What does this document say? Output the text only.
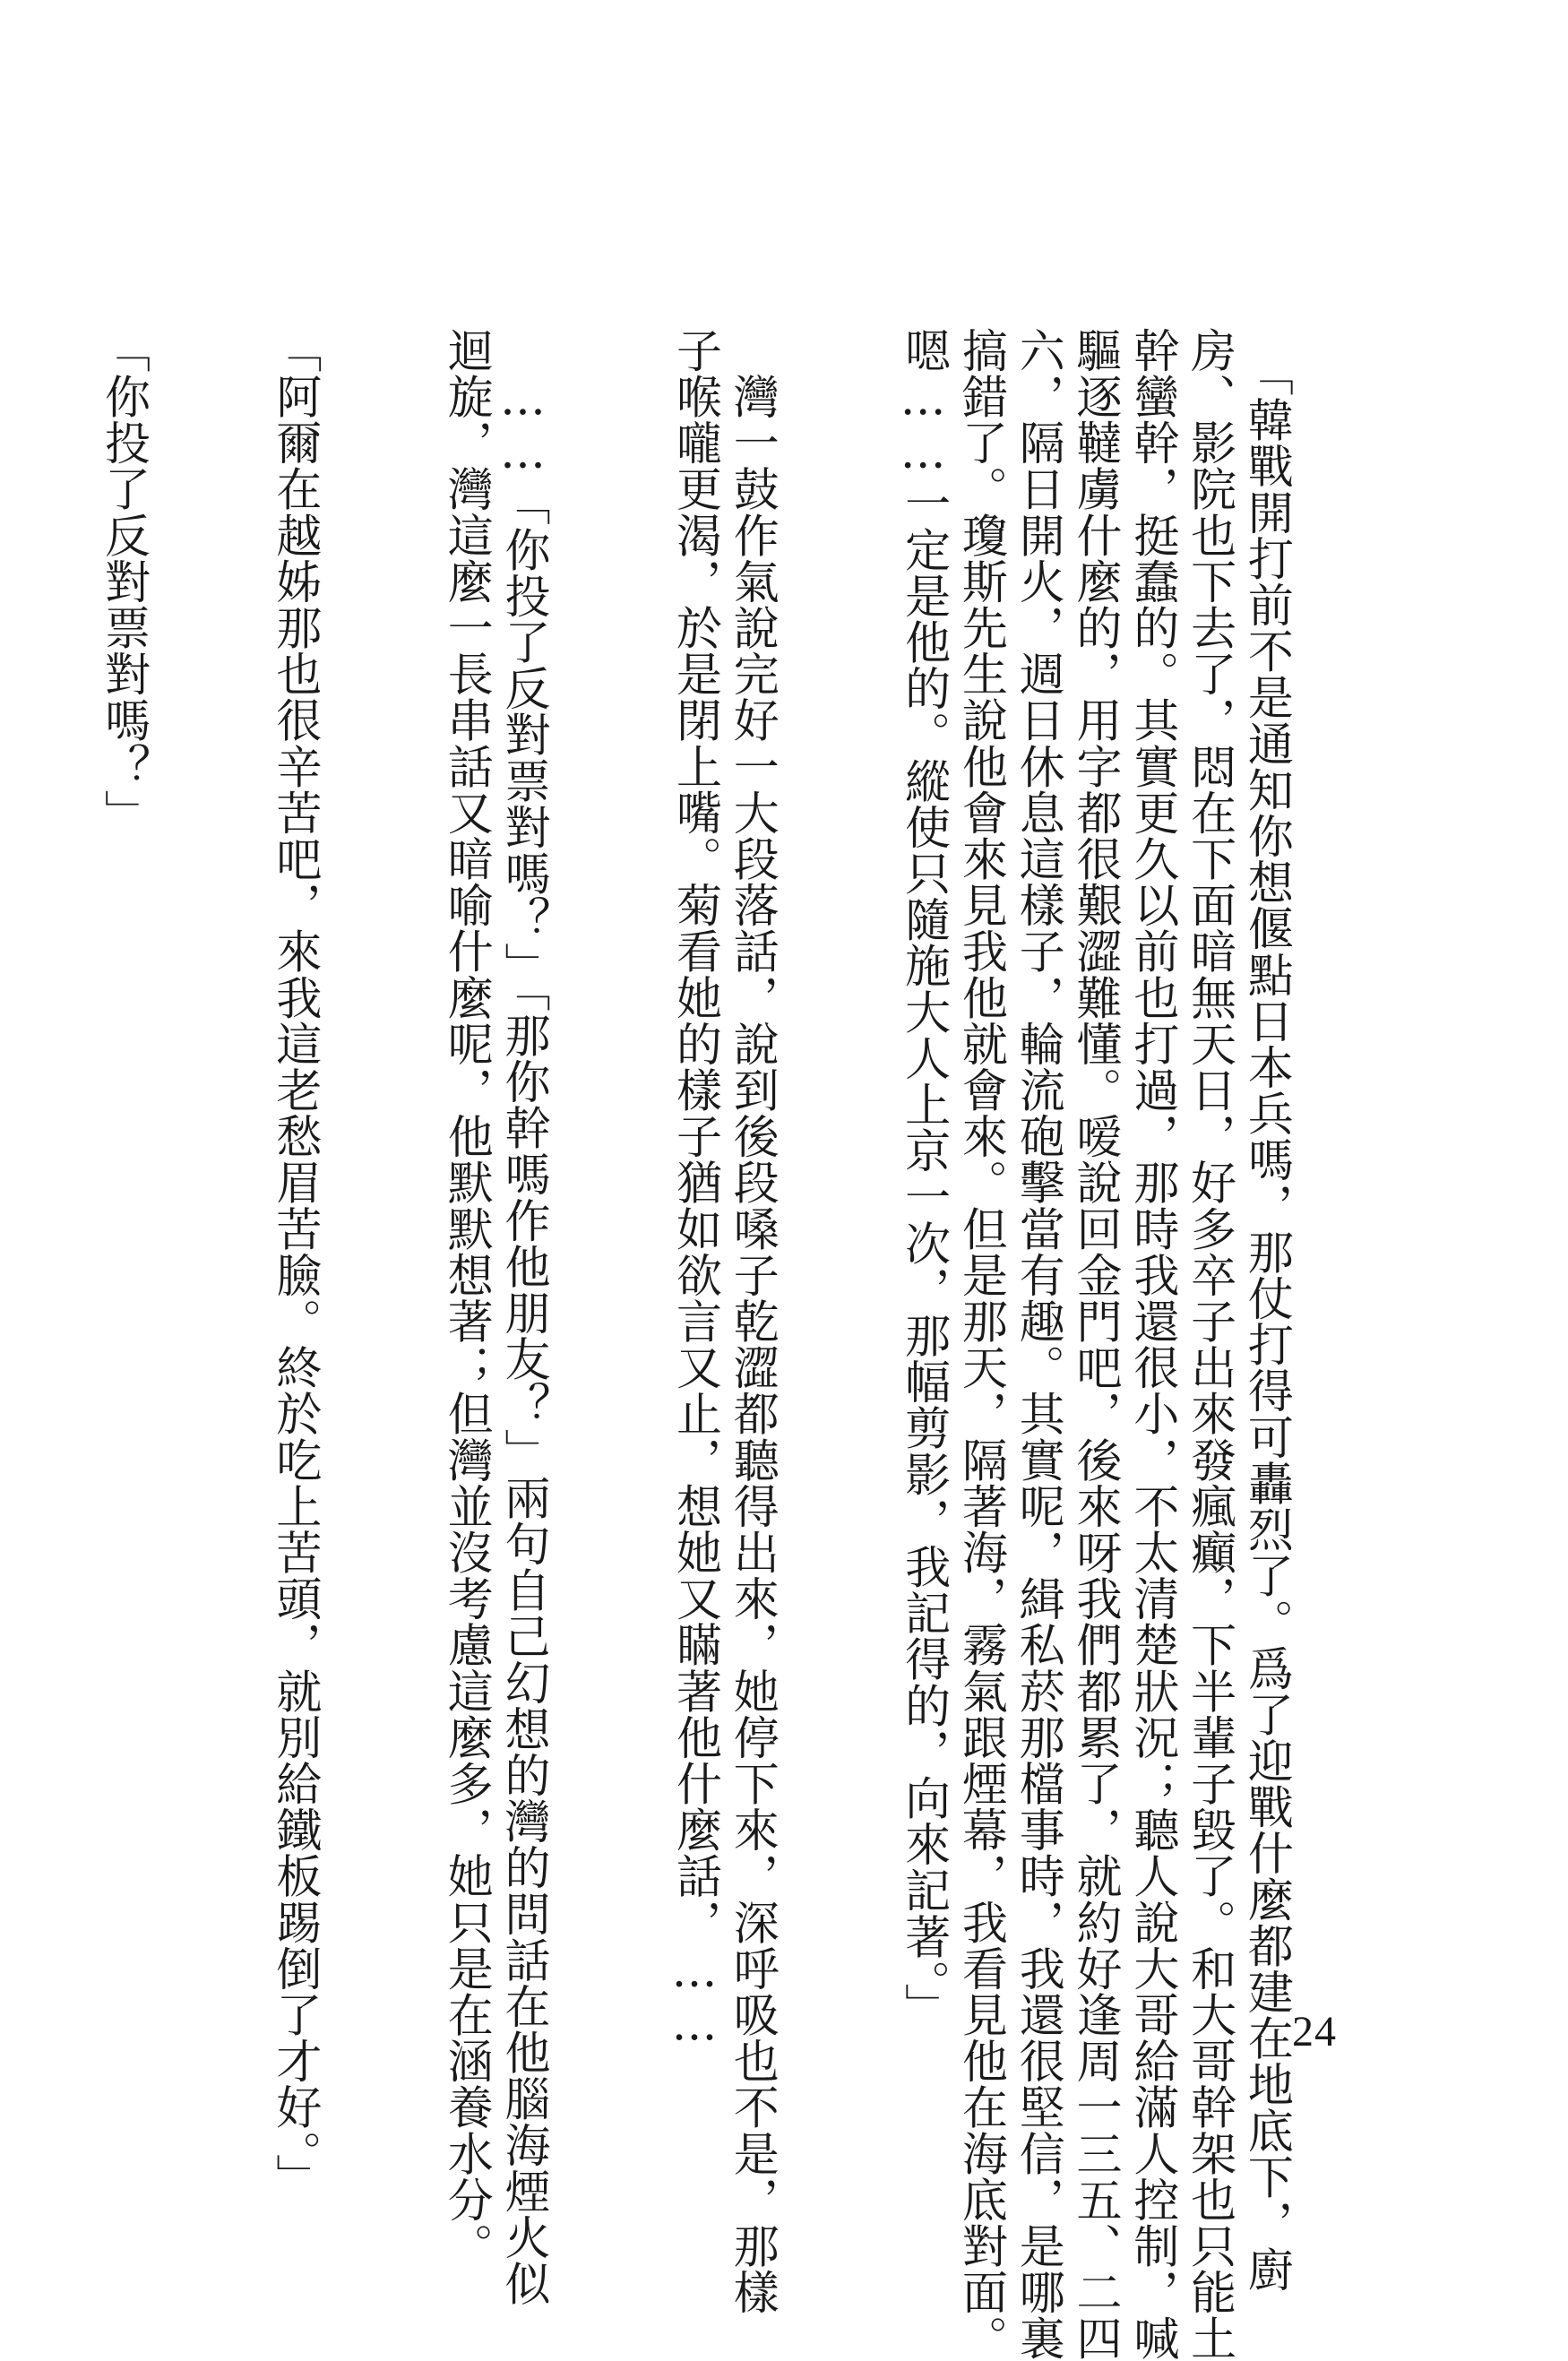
　「韓戰開打前不是通知你想偃點日本兵嗎，那仗打得可轟烈了。爲了迎戰什麼都建在地底下，廚
房、影院也下去了，悶在下面暗無天日，好多卒子出來發瘋癲，下半輩子毀了。和大哥幹架也只能土
幹蠻幹，挺蠢的。其實更久以前也打過，那時我還很小，不太清楚狀況；聽人說大哥給滿人控制，喊
驅逐韃虜什麼的，用字都很艱澀難懂。嗳說回金門吧，後來呀我們都累了，就約好逢周一三五、二四
六，隔日開火，週日休息這樣子，輪流砲擊當有趣。其實呢，緝私菸那檔事時，我還很堅信，是哪裏
搞錯了。瓊斯先生說他會來見我他就會來。但是那天，隔著海，霧氣跟煙幕，我看見他在海底對面。
嗯……一定是他的。縱使只隨施大人上京一次，那幅剪影，我記得的，向來記著。」

　灣一鼓作氣說完好一大段落話，說到後段嗓子乾澀都聽得出來，她停下來，深呼吸也不是，那樣
子喉嚨更渴，於是閉上嘴。菊看她的樣子猶如欲言又止，想她又瞞著他什麼話，……

　……「你投了反對票對嗎？」「那你幹嗎作他朋友？」兩句自己幻想的灣的問話在他腦海煙火似
迴旋，灣這麼一長串話又暗喻什麼呢，他默默想著；但灣並沒考慮這麼多，她只是在涵養水分。

「阿爾在越姊那也很辛苦吧，來我這老愁眉苦臉。終於吃上苦頭，就別給鐵板踢倒了才好。」

「你投了反對票對嗎？」

24
